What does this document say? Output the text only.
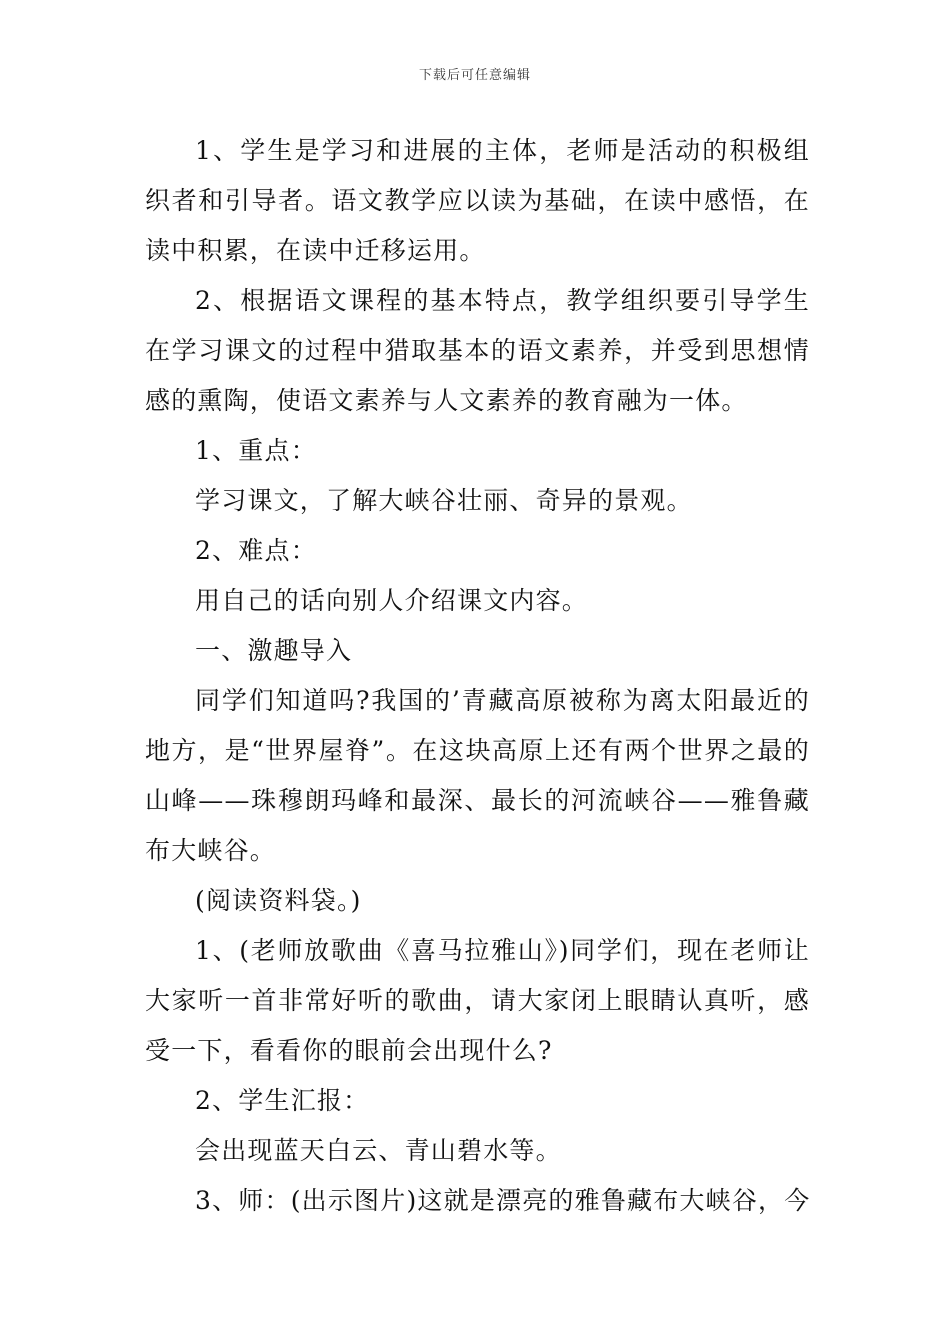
下载后可任意编辑

1、学生是学习和进展的主体，老师是活动的积极组织者和引导者。语文教学应以读为基础，在读中感悟，在读中积累，在读中迁移运用。

2、根据语文课程的基本特点，教学组织要引导学生在学习课文的过程中猎取基本的语文素养，并受到思想情感的熏陶，使语文素养与人文素养的教育融为一体。

1、重点：

学习课文，了解大峡谷壮丽、奇异的景观。

2、难点：

用自己的话向别人介绍课文内容。

一、激趣导入

同学们知道吗?我国的’青藏高原被称为离太阳最近的地方，是“世界屋脊”。在这块高原上还有两个世界之最的山峰——珠穆朗玛峰和最深、最长的河流峡谷——雅鲁藏布大峡谷。

(阅读资料袋。)

1、(老师放歌曲《喜马拉雅山》)同学们，现在老师让大家听一首非常好听的歌曲，请大家闭上眼睛认真听，感受一下，看看你的眼前会出现什么?

2、学生汇报：

会出现蓝天白云、青山碧水等。

3、师：(出示图片)这就是漂亮的雅鲁藏布大峡谷，今
